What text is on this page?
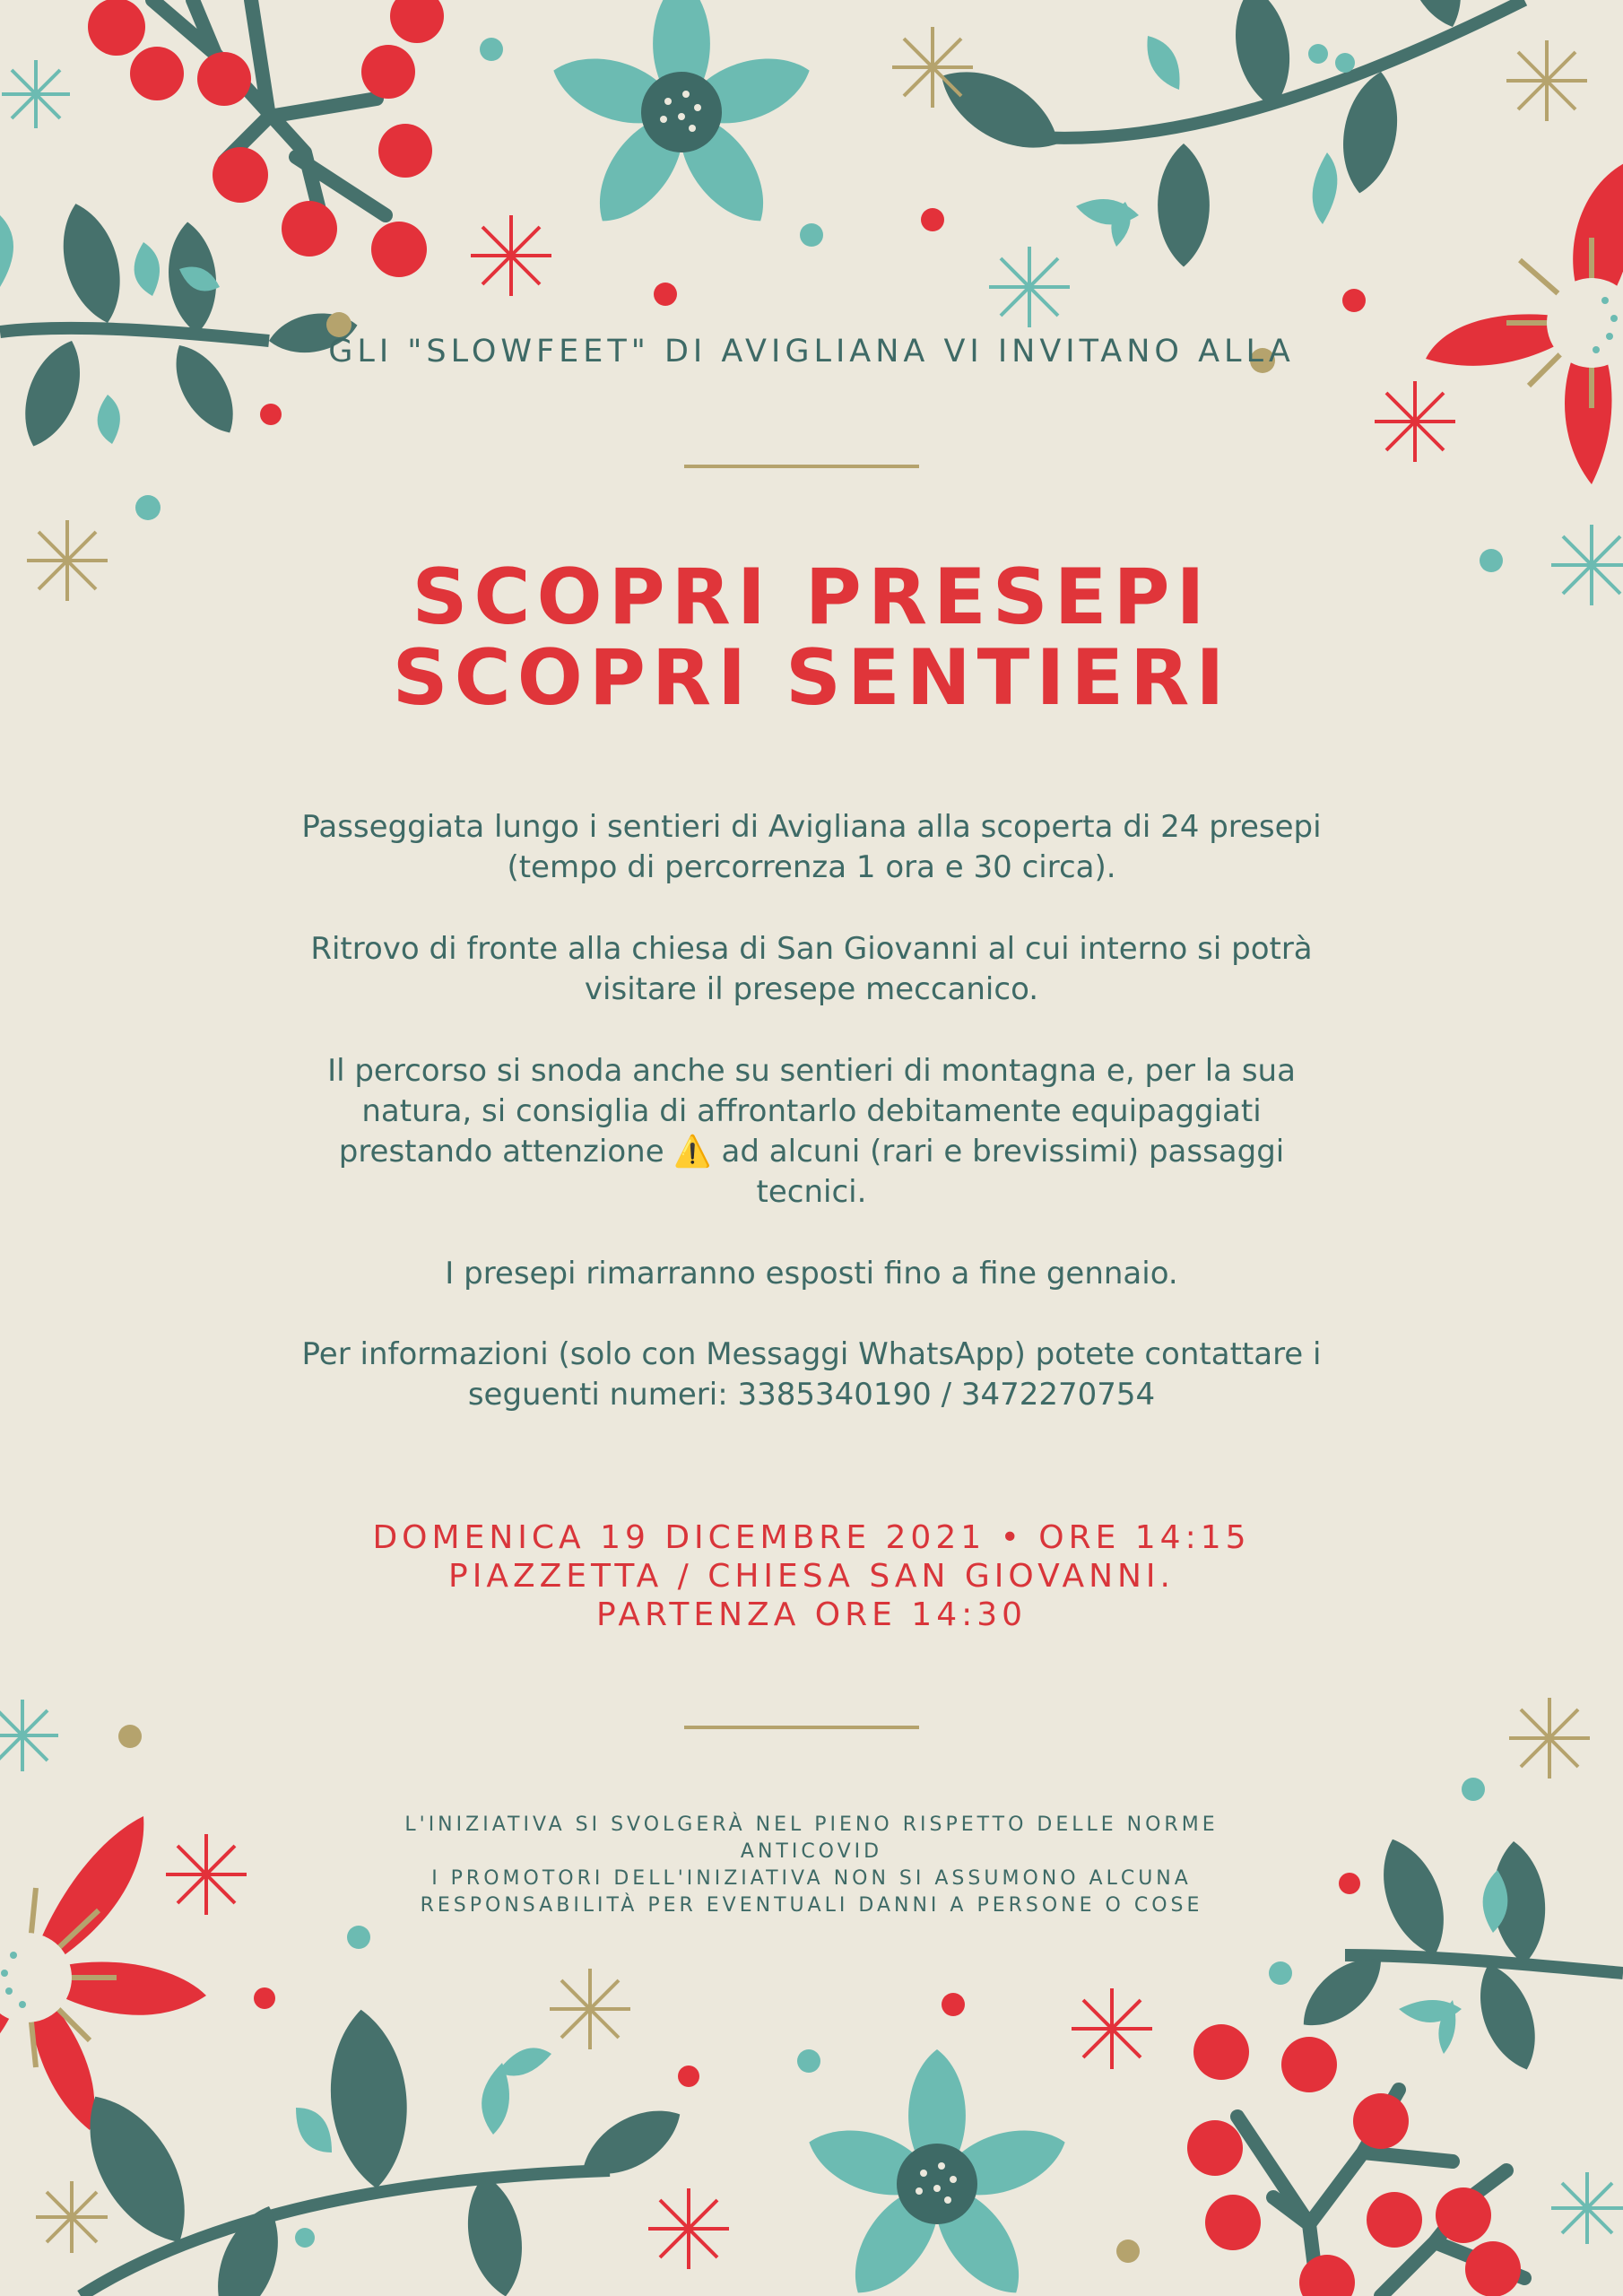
GLI "SLOWFEET" DI AVIGLIANA VI INVITANO ALLA
SCOPRI PRESEPI
SCOPRI SENTIERI

Passeggiata lungo i sentieri di Avigliana alla scoperta di 24 presepi (tempo di percorrenza 1 ora e 30 circa).

Ritrovo di fronte alla chiesa di San Giovanni al cui interno si potrà visitare il presepe meccanico.

Il percorso si snoda anche su sentieri di montagna e, per la sua natura, si consiglia di affrontarlo debitamente equipaggiati prestando attenzione ⚠️ ad alcuni (rari e brevissimi) passaggi tecnici.

I presepi rimarranno esposti fino a fine gennaio.

Per informazioni (solo con Messaggi WhatsApp) potete contattare i seguenti numeri: 3385340190 / 3472270754

DOMENICA 19 DICEMBRE 2021 • ORE 14:15
PIAZZETTA / CHIESA SAN GIOVANNI.
PARTENZA ORE 14:30
L'INIZIATIVA SI SVOLGERÀ NEL PIENO RISPETTO DELLE NORME
ANTICOVID
I PROMOTORI DELL'INIZIATIVA NON SI ASSUMONO ALCUNA
RESPONSABILITÀ PER EVENTUALI DANNI A PERSONE O COSE
